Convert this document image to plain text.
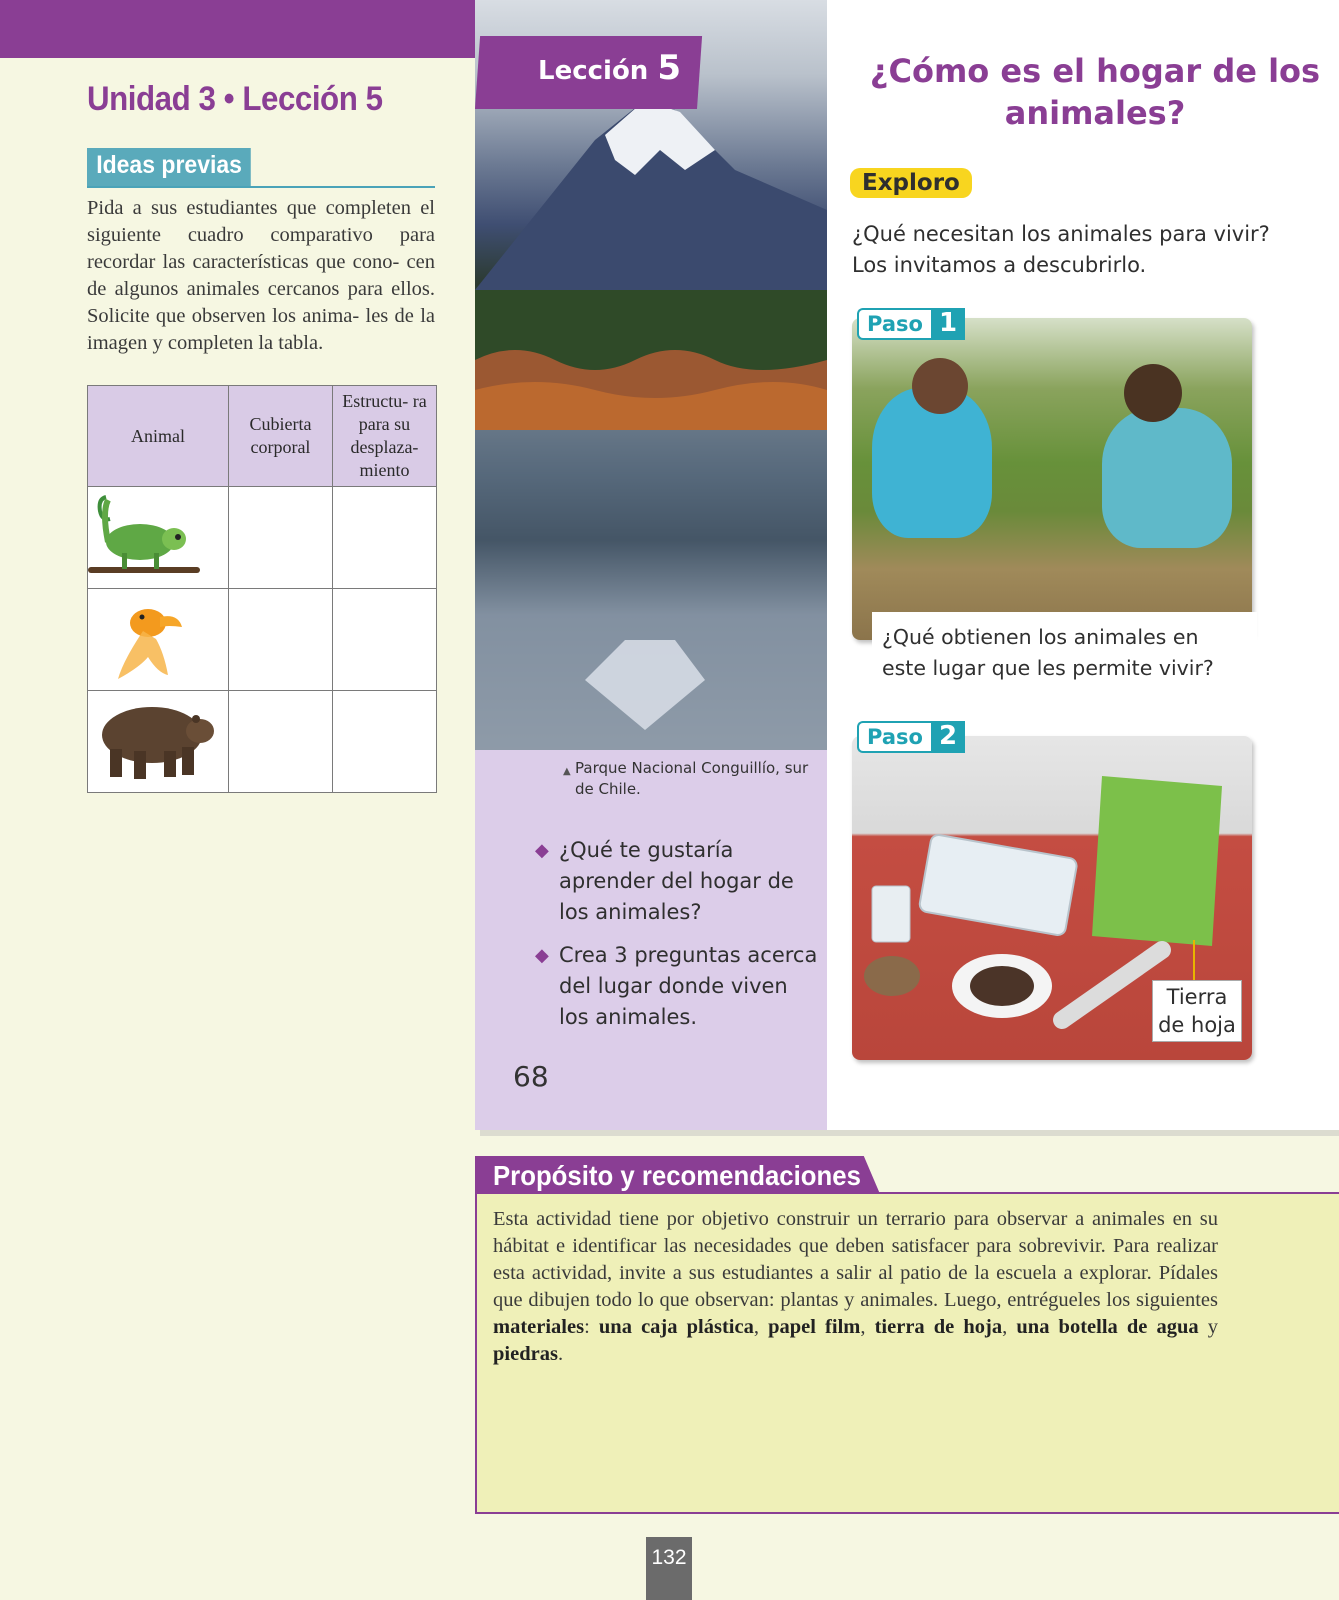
Unidad 3 • Lección 5
Ideas previas

Pida a sus estudiantes que completen el siguiente cuadro comparativo para recordar las características que cono- cen de algunos animales cercanos para ellos. Solicite que observen los anima- les de la imagen y completen la tabla.

Animal	Cubierta corporal	Estructu- ra para su desplaza- miento

Lección 5
▲ Parque Nacional Conguillío, sur de Chile.
◆ ¿Qué te gustaría aprender del hogar de los animales?
◆ Crea 3 preguntas acerca del lugar donde viven los animales.
68
¿Cómo es el hogar de los animales?
Exploro

¿Qué necesitan los animales para vivir? Los invitamos a descubrirlo.

Paso 1
¿Qué obtienen los animales en este lugar que les permite vivir?
Paso 2
Tierra
de hoja
Propósito y recomendaciones

Esta actividad tiene por objetivo construir un terrario para observar a animales en su hábitat e identificar las necesidades que deben satisfacer para sobrevivir. Para realizar esta actividad, invite a sus estudiantes a salir al patio de la escuela a explorar. Pídales que dibujen todo lo que observan: plantas y animales. Luego, entrégueles los siguientes materiales: una caja plástica, papel film, tierra de hoja, una botella de agua y piedras.

132
